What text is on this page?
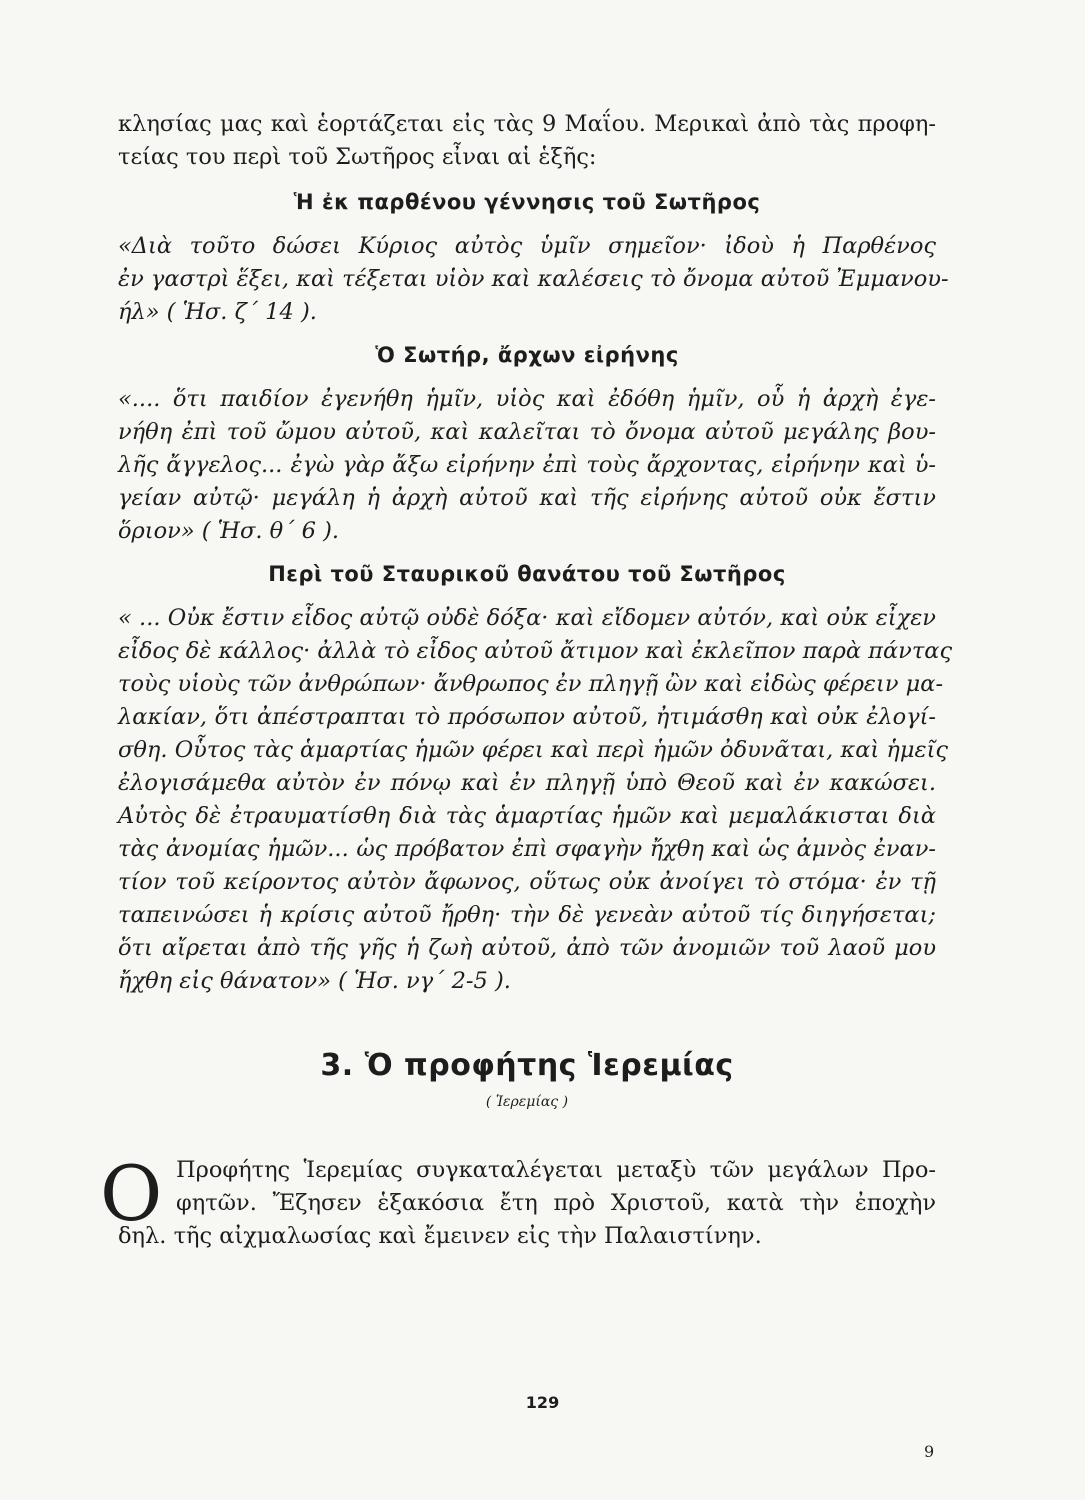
κλησίας μας καὶ ἑορτάζεται εἰς τὰς 9 Μαΐου. Μερικαὶ ἀπὸ τὰς προφη-

τείας του περὶ τοῦ Σωτῆρος εἶναι αἱ ἑξῆς:

Ἡ ἐκ παρθένου γέννησις τοῦ Σωτῆρος

«Διὰ τοῦτο δώσει Κύριος αὐτὸς ὑμῖν σημεῖον· ἰδοὺ ἡ Παρθένος

ἐν γαστρὶ ἕξει, καὶ τέξεται υἱὸν καὶ καλέσεις τὸ ὄνομα αὐτοῦ Ἐμμανου-

ήλ» ( Ἡσ. ζ΄ 14 ).

Ὁ Σωτήρ, ἄρχων εἰρήνης

«.... ὅτι παιδίον ἐγενήθη ἡμῖν, υἱὸς καὶ ἐδόθη ἡμῖν, οὗ ἡ ἀρχὴ ἐγε-

νήθη ἐπὶ τοῦ ὤμου αὐτοῦ, καὶ καλεῖται τὸ ὄνομα αὐτοῦ μεγάλης βου-

λῆς ἄγγελος... ἐγὼ γὰρ ἄξω εἰρήνην ἐπὶ τοὺς ἄρχοντας, εἰρήνην καὶ ὑ-

γείαν αὐτῷ· μεγάλη ἡ ἀρχὴ αὐτοῦ καὶ τῆς εἰρήνης αὐτοῦ οὐκ ἔστιν

ὅριον» ( Ἡσ. θ΄ 6 ).

Περὶ τοῦ Σταυρικοῦ θανάτου τοῦ Σωτῆρος

« ... Οὐκ ἔστιν εἶδος αὐτῷ οὐδὲ δόξα· καὶ εἴδομεν αὐτόν, καὶ οὐκ εἶχεν

εἶδος δὲ κάλλος· ἀλλὰ τὸ εἶδος αὐτοῦ ἄτιμον καὶ ἐκλεῖπον παρὰ πάντας

τοὺς υἱοὺς τῶν ἀνθρώπων· ἄνθρωπος ἐν πληγῇ ὢν καὶ εἰδὼς φέρειν μα-

λακίαν, ὅτι ἀπέστραπται τὸ πρόσωπον αὐτοῦ, ἠτιμάσθη καὶ οὐκ ἐλογί-

σθη. Οὗτος τὰς ἁμαρτίας ἡμῶν φέρει καὶ περὶ ἡμῶν ὀδυνᾶται, καὶ ἡμεῖς

ἐλογισάμεθα αὐτὸν ἐν πόνῳ καὶ ἐν πληγῇ ὑπὸ Θεοῦ καὶ ἐν κακώσει.

Αὐτὸς δὲ ἐτραυματίσθη διὰ τὰς ἁμαρτίας ἡμῶν καὶ μεμαλάκισται διὰ

τὰς ἀνομίας ἡμῶν... ὡς πρόβατον ἐπὶ σφαγὴν ἤχθη καὶ ὡς ἀμνὸς ἐναν-

τίον τοῦ κείροντος αὐτὸν ἄφωνος, οὕτως οὐκ ἀνοίγει τὸ στόμα· ἐν τῇ

ταπεινώσει ἡ κρίσις αὐτοῦ ἤρθη· τὴν δὲ γενεὰν αὐτοῦ τίς διηγήσεται;

ὅτι αἴρεται ἀπὸ τῆς γῆς ἡ ζωὴ αὐτοῦ, ἀπὸ τῶν ἀνομιῶν τοῦ λαοῦ μου

ἤχθη εἰς θάνατον» ( Ἡσ. νγ΄ 2-5 ).

3. Ὁ προφήτης Ἱερεμίας
( Ἱερεμίας )
Ο Προφήτης Ἱερεμίας συγκαταλέγεται μεταξὺ τῶν μεγάλων Προ-

φητῶν. Ἔζησεν ἑξακόσια ἔτη πρὸ Χριστοῦ, κατὰ τὴν ἐποχὴν

δηλ. τῆς αἰχμαλωσίας καὶ ἔμεινεν εἰς τὴν Παλαιστίνην.

129
9
